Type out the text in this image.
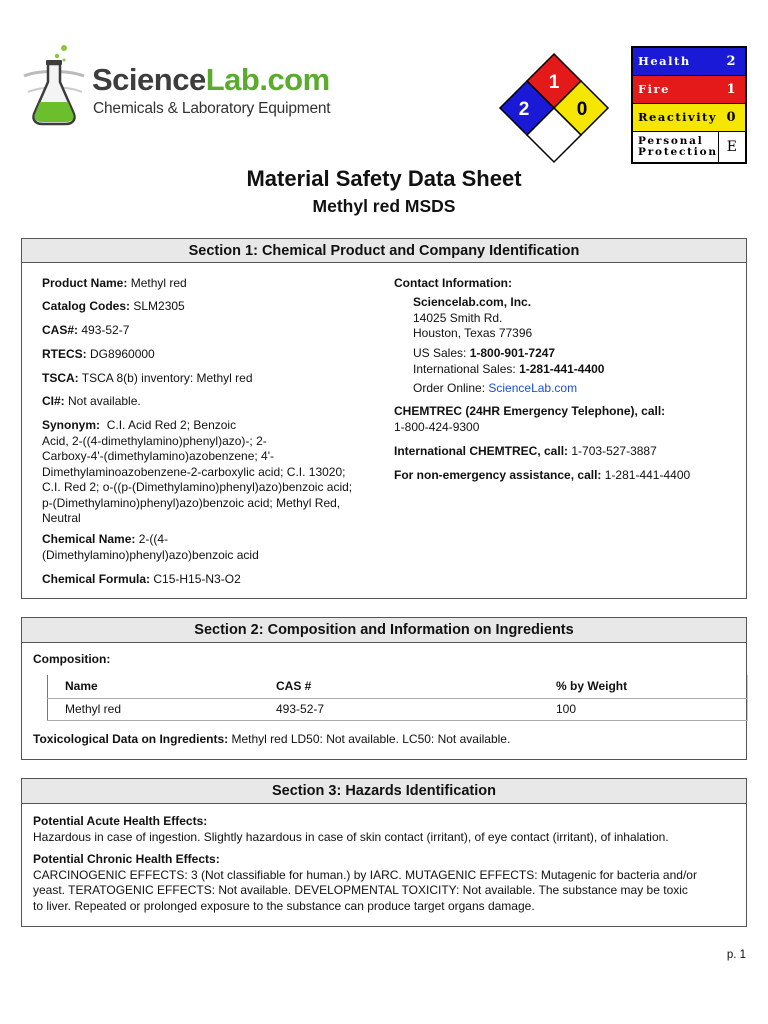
ScienceLab.com
Chemicals & Laboratory Equipment
1
2 0
Health	2
Fire	1
Reactivity 0
Personal
Protection E
Material Safety Data Sheet
Methyl red MSDS
Section 1: Chemical Product and Company Identification
Product Name: Methyl red
Catalog Codes: SLM2305
CAS#: 493-52-7
RTECS: DG8960000
TSCA: TSCA 8(b) inventory: Methyl red
CI#: Not available.
Synonym: C.I. Acid Red 2; Benzoic
Acid, 2-((4-dimethylamino)phenyl)azo)-; 2-
Carboxy-4'-(dimethylamino)azobenzene; 4'-
Dimethylaminoazobenzene-2-carboxylic acid; C.I. 13020;
C.I. Red 2; o-((p-(Dimethylamino)phenyl)azo)benzoic acid;
p-(Dimethylamino)phenyl)azo)benzoic acid; Methyl Red,
Neutral
Chemical Name: 2-((4-
(Dimethylamino)phenyl)azo)benzoic acid
Chemical Formula: C15-H15-N3-O2
Contact Information:
Sciencelab.com, Inc.
14025 Smith Rd.
Houston, Texas 77396
US Sales: 1-800-901-7247
International Sales: 1-281-441-4400
Order Online: ScienceLab.com
CHEMTREC (24HR Emergency Telephone), call:
1-800-424-9300
International CHEMTREC, call: 1-703-527-3887
For non-emergency assistance, call: 1-281-441-4400
Section 2: Composition and Information on Ingredients
Composition:
Name	CAS #	% by Weight
Methyl red	493-52-7	100
Toxicological Data on Ingredients: Methyl red LD50: Not available. LC50: Not available.
Section 3: Hazards Identification
Potential Acute Health Effects:
Hazardous in case of ingestion. Slightly hazardous in case of skin contact (irritant), of eye contact (irritant), of inhalation.
Potential Chronic Health Effects:
CARCINOGENIC EFFECTS: 3 (Not classifiable for human.) by IARC. MUTAGENIC EFFECTS: Mutagenic for bacteria and/or
yeast. TERATOGENIC EFFECTS: Not available. DEVELOPMENTAL TOXICITY: Not available. The substance may be toxic
to liver. Repeated or prolonged exposure to the substance can produce target organs damage.
p. 1
